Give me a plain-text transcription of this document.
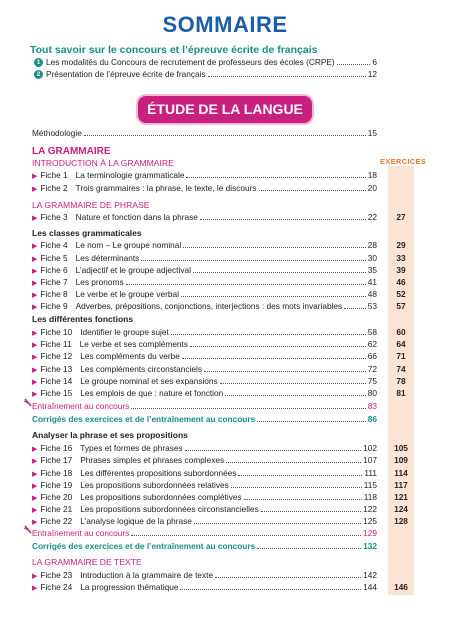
SOMMAIRE
Tout savoir sur le concours et l’épreuve écrite de français
1 Les modalités du Concours de recrutement de professeurs des écoles (CRPE)	6
2 Présentation de l’épreuve écrite de français	12
ÉTUDE DE LA LANGUE
Méthodologie	15
EXERCICES
LA GRAMMAIRE
INTRODUCTION À LA GRAMMAIRE
▶ Fiche 1 La terminologie grammaticale	18
▶ Fiche 2 Trois grammaires : la phrase, le texte, le discours	20
LA GRAMMAIRE DE PHRASE
▶ Fiche 3 Nature et fonction dans la phrase	22	27
Les classes grammaticales
▶ Fiche 4 Le nom – Le groupe nominal	28	29
▶ Fiche 5 Les déterminants	30	33
▶ Fiche 6 L’adjectif et le groupe adjectival	35	39
▶ Fiche 7 Les pronoms	41	46
▶ Fiche 8 Le verbe et le groupe verbal	48	52
▶ Fiche 9 Adverbes, prépositions, conjonctions, interjections : des mots invariables	53	57
Les différentes fonctions
▶ Fiche 10 Identifier le groupe sujet	58	60
▶ Fiche 11 Le verbe et ses compléments	62	64
▶ Fiche 12 Les compléments du verbe	66	71
▶ Fiche 13 Les compléments circonstanciels	72	74
▶ Fiche 14 Le groupe nominal et ses expansions	75	78
▶ Fiche 15 Les emplois de que : nature et fonction	80	81
Entraînement au concours	83
Corrigés des exercices et de l’entraînement au concours	86
Analyser la phrase et ses propositions
▶ Fiche 16 Types et formes de phrases	102	105
▶ Fiche 17 Phrases simples et phrases complexes	107	109
▶ Fiche 18 Les différentes propositions subordonnées	111	114
▶ Fiche 19 Les propositions subordonnées relatives	115	117
▶ Fiche 20 Les propositions subordonnées complétives	118	121
▶ Fiche 21 Les propositions subordonnées circonstancielles	122	124
▶ Fiche 22 L’analyse logique de la phrase	125	128
Entraînement au concours	129
Corrigés des exercices et de l’entraînement au concours	132
LA GRAMMAIRE DE TEXTE
▶ Fiche 23 Introduction à la grammaire de texte	142
▶ Fiche 24 La progression thématique	144	146
